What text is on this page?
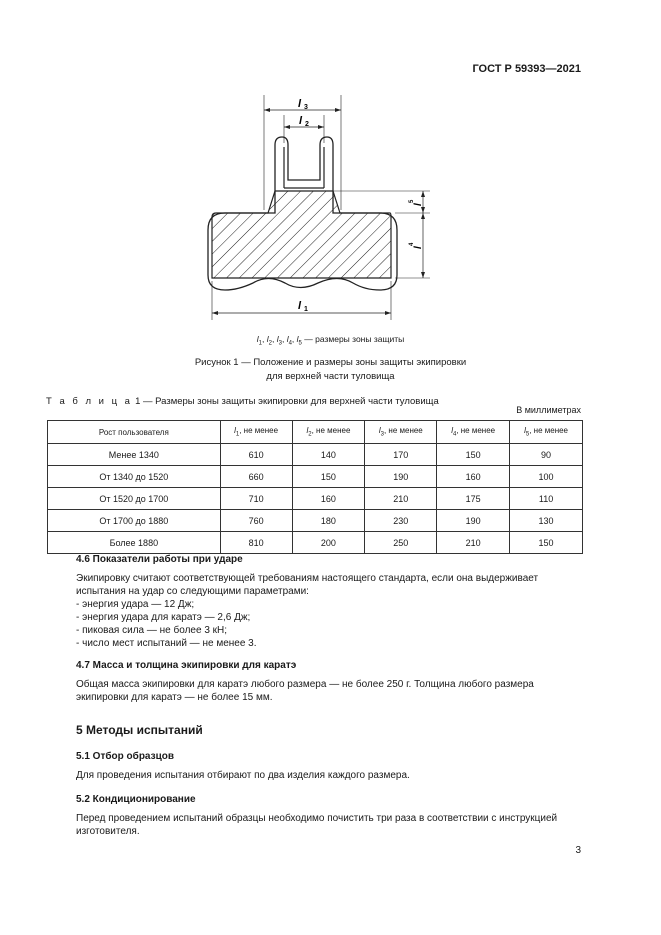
ГОСТ Р 59393—2021
l 3
l 2
l
5
l
4
l 1
$l_1$, $l_2$, $l_3$, $l_4$, $l_5$ — размеры зоны защиты
Рисунок 1 — Положение и размеры зоны защиты экипировки
для верхней части туловища
Т а б л и ц а 1 — Размеры зоны защиты экипировки для верхней части туловища
В миллиметрах
Рост пользователя	$l_1$, не менее	$l_2$, не менее	$l_3$, не менее	$l_4$, не менее	$l_5$, не менее
Менее 1340	610	140	170	150	90
От 1340 до 1520	660	150	190	160	100
От 1520 до 1700	710	160	210	175	110
От 1700 до 1880	760	180	230	190	130
Более 1880	810	200	250	210	150
4.6 Показатели работы при ударе
Экипировку считают соответствующей требованиям настоящего стандарта, если она выдерживает испытания на удар со следующими параметрами:
- энергия удара — 12 Дж;
- энергия удара для каратэ — 2,6 Дж;
- пиковая сила — не более 3 кН;
- число мест испытаний — не менее 3.
4.7 Масса и толщина экипировки для каратэ
Общая масса экипировки для каратэ любого размера — не более 250 г. Толщина любого размера экипировки для каратэ — не более 15 мм.
5 Методы испытаний
5.1 Отбор образцов
Для проведения испытания отбирают по два изделия каждого размера.
5.2 Кондиционирование
Перед проведением испытаний образцы необходимо почистить три раза в соответствии с инструкцией изготовителя.
3
